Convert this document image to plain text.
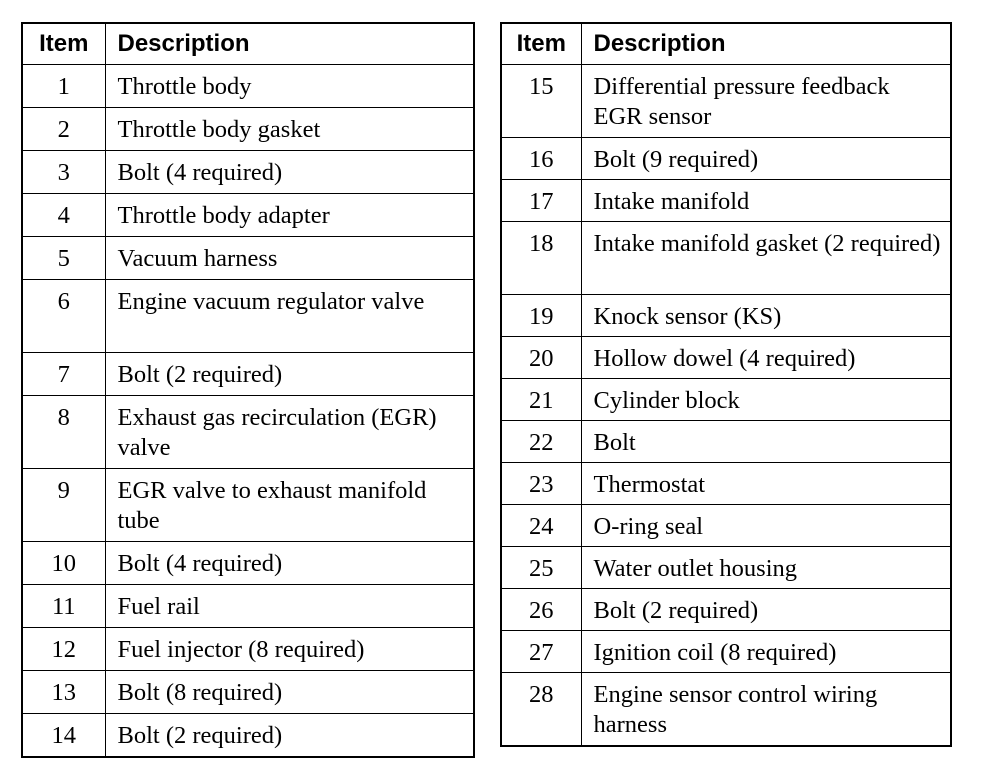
Item	Description
1	Throttle body
2	Throttle body gasket
3	Bolt (4 required)
4	Throttle body adapter
5	Vacuum harness
6	Engine vacuum regulator valve
7	Bolt (2 required)
8	Exhaust gas recirculation (EGR) valve
9	EGR valve to exhaust manifold tube
10	Bolt (4 required)
11	Fuel rail
12	Fuel injector (8 required)
13	Bolt (8 required)
14	Bolt (2 required)
Item	Description
15	Differential pressure feedback EGR sensor
16	Bolt (9 required)
17	Intake manifold
18	Intake manifold gasket (2 required)
19	Knock sensor (KS)
20	Hollow dowel (4 required)
21	Cylinder block
22	Bolt
23	Thermostat
24	O-ring seal
25	Water outlet housing
26	Bolt (2 required)
27	Ignition coil (8 required)
28	Engine sensor control wiring harness
